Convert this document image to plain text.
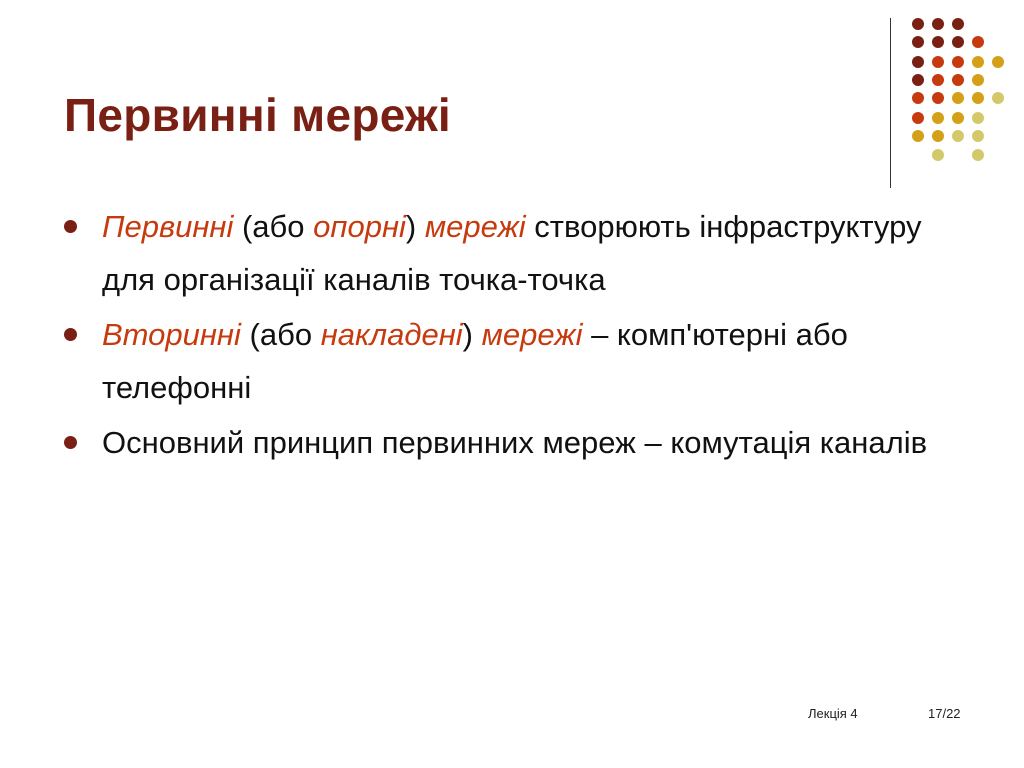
Первинні мережі
Первинні (або опорні) мережі створюють інфраструктуру для організації каналів точка-точка
Вторинні (або накладені) мережі – комп'ютерні або телефонні
Основний принцип первинних мереж – комутація каналів
Лекція 4	17/22
